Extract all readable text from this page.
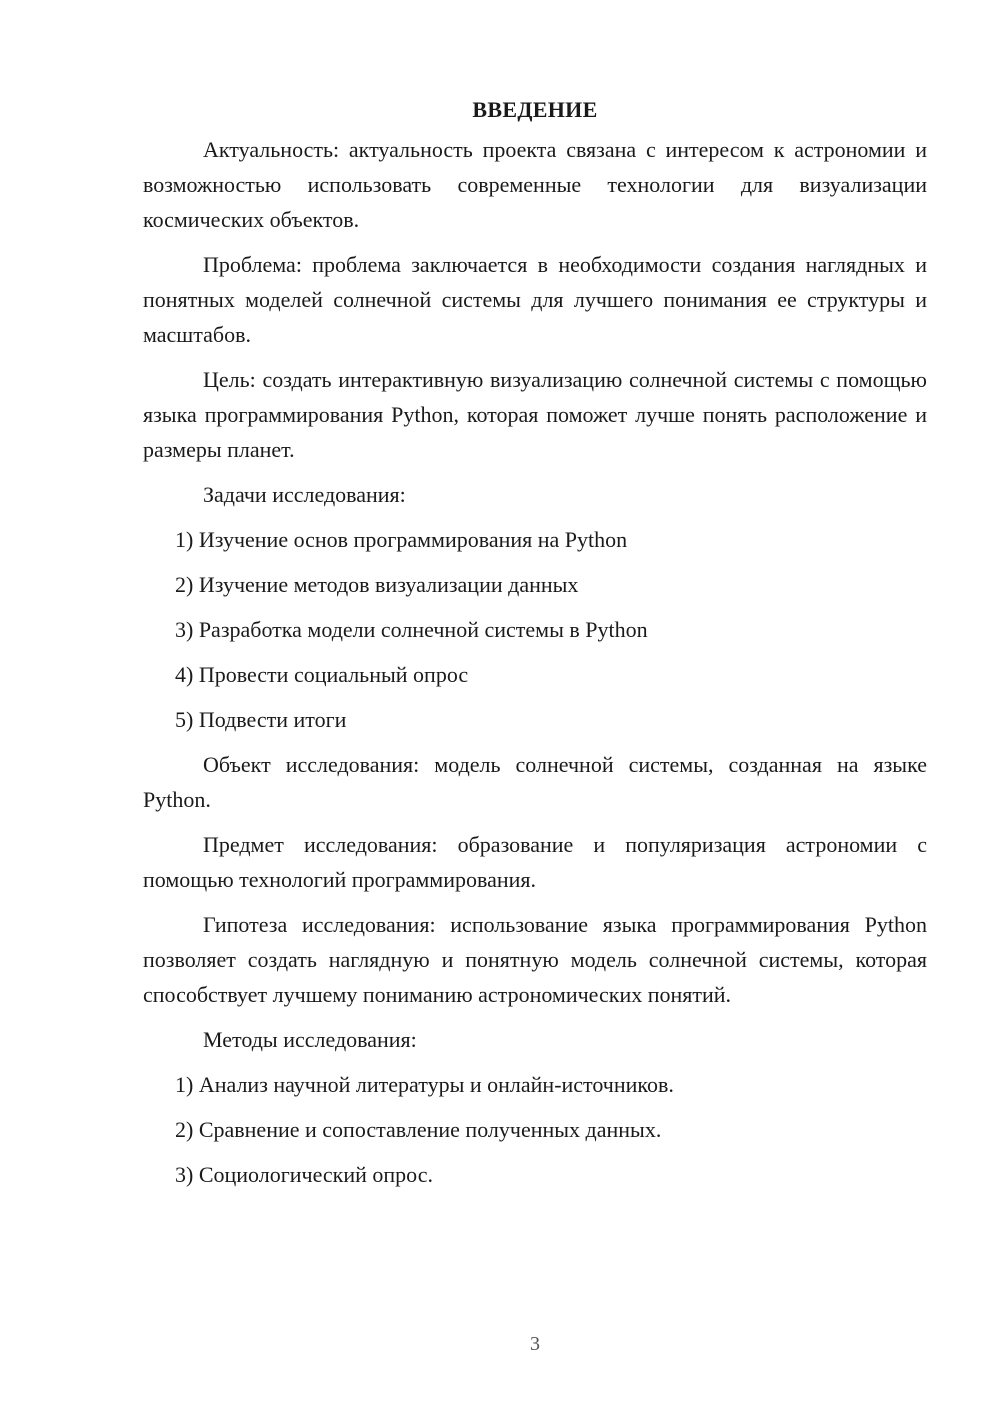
ВВЕДЕНИЕ

Актуальность: актуальность проекта связана с интересом к астрономии и возможностью использовать современные технологии для визуализации космических объектов.

Проблема: проблема заключается в необходимости создания наглядных и понятных моделей солнечной системы для лучшего понимания ее структуры и масштабов.

Цель: создать интерактивную визуализацию солнечной системы с помощью языка программирования Python, которая поможет лучше понять расположение и размеры планет.

Задачи исследования:
1) Изучение основ программирования на Python
2) Изучение методов визуализации данных
3) Разработка модели солнечной системы в Python
4) Провести социальный опрос
5) Подвести итоги

Объект исследования: модель солнечной системы, созданная на языке Python.

Предмет исследования: образование и популяризация астрономии с помощью технологий программирования.

Гипотеза исследования: использование языка программирования Python позволяет создать наглядную и понятную модель солнечной системы, которая способствует лучшему пониманию астрономических понятий.

Методы исследования:
1) Анализ научной литературы и онлайн-источников.
2) Сравнение и сопоставление полученных данных.
3) Социологический опрос.
3
